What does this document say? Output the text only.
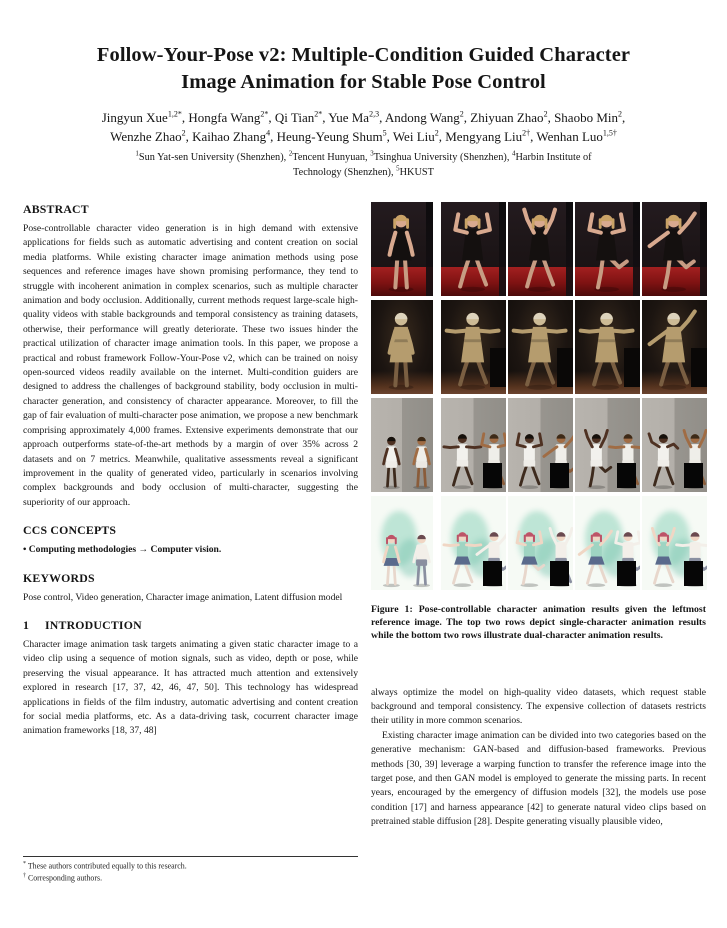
Follow-Your-Pose v2: Multiple-Condition Guided Character Image Animation for Stable Pose Control
Jingyun Xue$^{1,2*}$, Hongfa Wang$^{2*}$, Qi Tian$^{2*}$, Yue Ma$^{2,3}$, Andong Wang$^2$, Zhiyuan Zhao$^2$, Shaobo Min$^2$,
Wenzhe Zhao$^2$, Kaihao Zhang$^4$, Heung-Yeung Shum$^5$, Wei Liu$^2$, Mengyang Liu$^{2\dagger}$, Wenhan Luo$^{1,5\dagger}$
$^1$Sun Yat-sen University (Shenzhen), $^2$Tencent Hunyuan, $^3$Tsinghua University (Shenzhen), $^4$Harbin Institute of Technology (Shenzhen), $^5$HKUST
ABSTRACT

Pose-controllable character video generation is in high demand with extensive applications for fields such as automatic advertising and content creation on social media platforms. While existing character image animation methods using pose sequences and reference images have shown promising performance, they tend to struggle with incoherent animation in complex scenarios, such as multiple character animation and body occlusion. Additionally, current methods request large-scale high-quality videos with stable backgrounds and temporal consistency as training datasets, otherwise, their performance will greatly deteriorate. These two issues hinder the practical utilization of character image animation tools. In this paper, we propose a practical and robust framework Follow-Your-Pose v2, which can be trained on noisy open-sourced videos readily available on the internet. Multi-condition guiders are designed to address the challenges of background stability, body occlusion in multi-character generation, and consistency of character appearance. Moreover, to fill the gap of fair evaluation of multi-character pose animation, we propose a new benchmark comprising approximately 4,000 frames. Extensive experiments demonstrate that our approach outperforms state-of-the-art methods by a margin of over 35% across 2 datasets and on 7 metrics. Meanwhile, qualitative assessments reveal a significant improvement in the quality of generated video, particularly in scenarios involving complex backgrounds and body occlusion of multi-character, suggesting the superiority of our approach.

CCS CONCEPTS

• Computing methodologies → Computer vision.

KEYWORDS

Pose control, Video generation, Character image animation, Latent diffusion model

1 INTRODUCTION

Character image animation task targets animating a given static character image to a video clip using a sequence of motion signals, such as video, depth or pose, while preserving the visual appearance. It has attracted much attention and extensively explored in research [17, 37, 42, 46, 47, 50]. This technology has widespread applications in fields of the film industry, automatic advertising and content creation for social media platforms, etc. As a data-driving task, cocurrent character image animation frameworks [18, 37, 48]

Figure 1: Pose-controllable character animation results given the leftmost reference image. The top two rows depict single-character animation results while the bottom two rows illustrate dual-character animation results.

always optimize the model on high-quality video datasets, which request stable background and temporal consistency. The expensive collection of datasets restricts their utility in more common scenarios.

Existing character image animation can be divided into two categories based on the generative mechanism: GAN-based and diffusion-based frameworks. Previous methods [30, 39] leverage a warping function to transfer the reference image into the target pose, and then GAN model is employed to generate the missing parts. In recent years, encouraged by the emergency of diffusion models [32], the models use pose condition [17] and harness appearance [42] to generate natural video clips based on pretrained stable diffusion [28]. Despite generating visually plausible video,

* These authors contributed equally to this research.
† Corresponding authors.
